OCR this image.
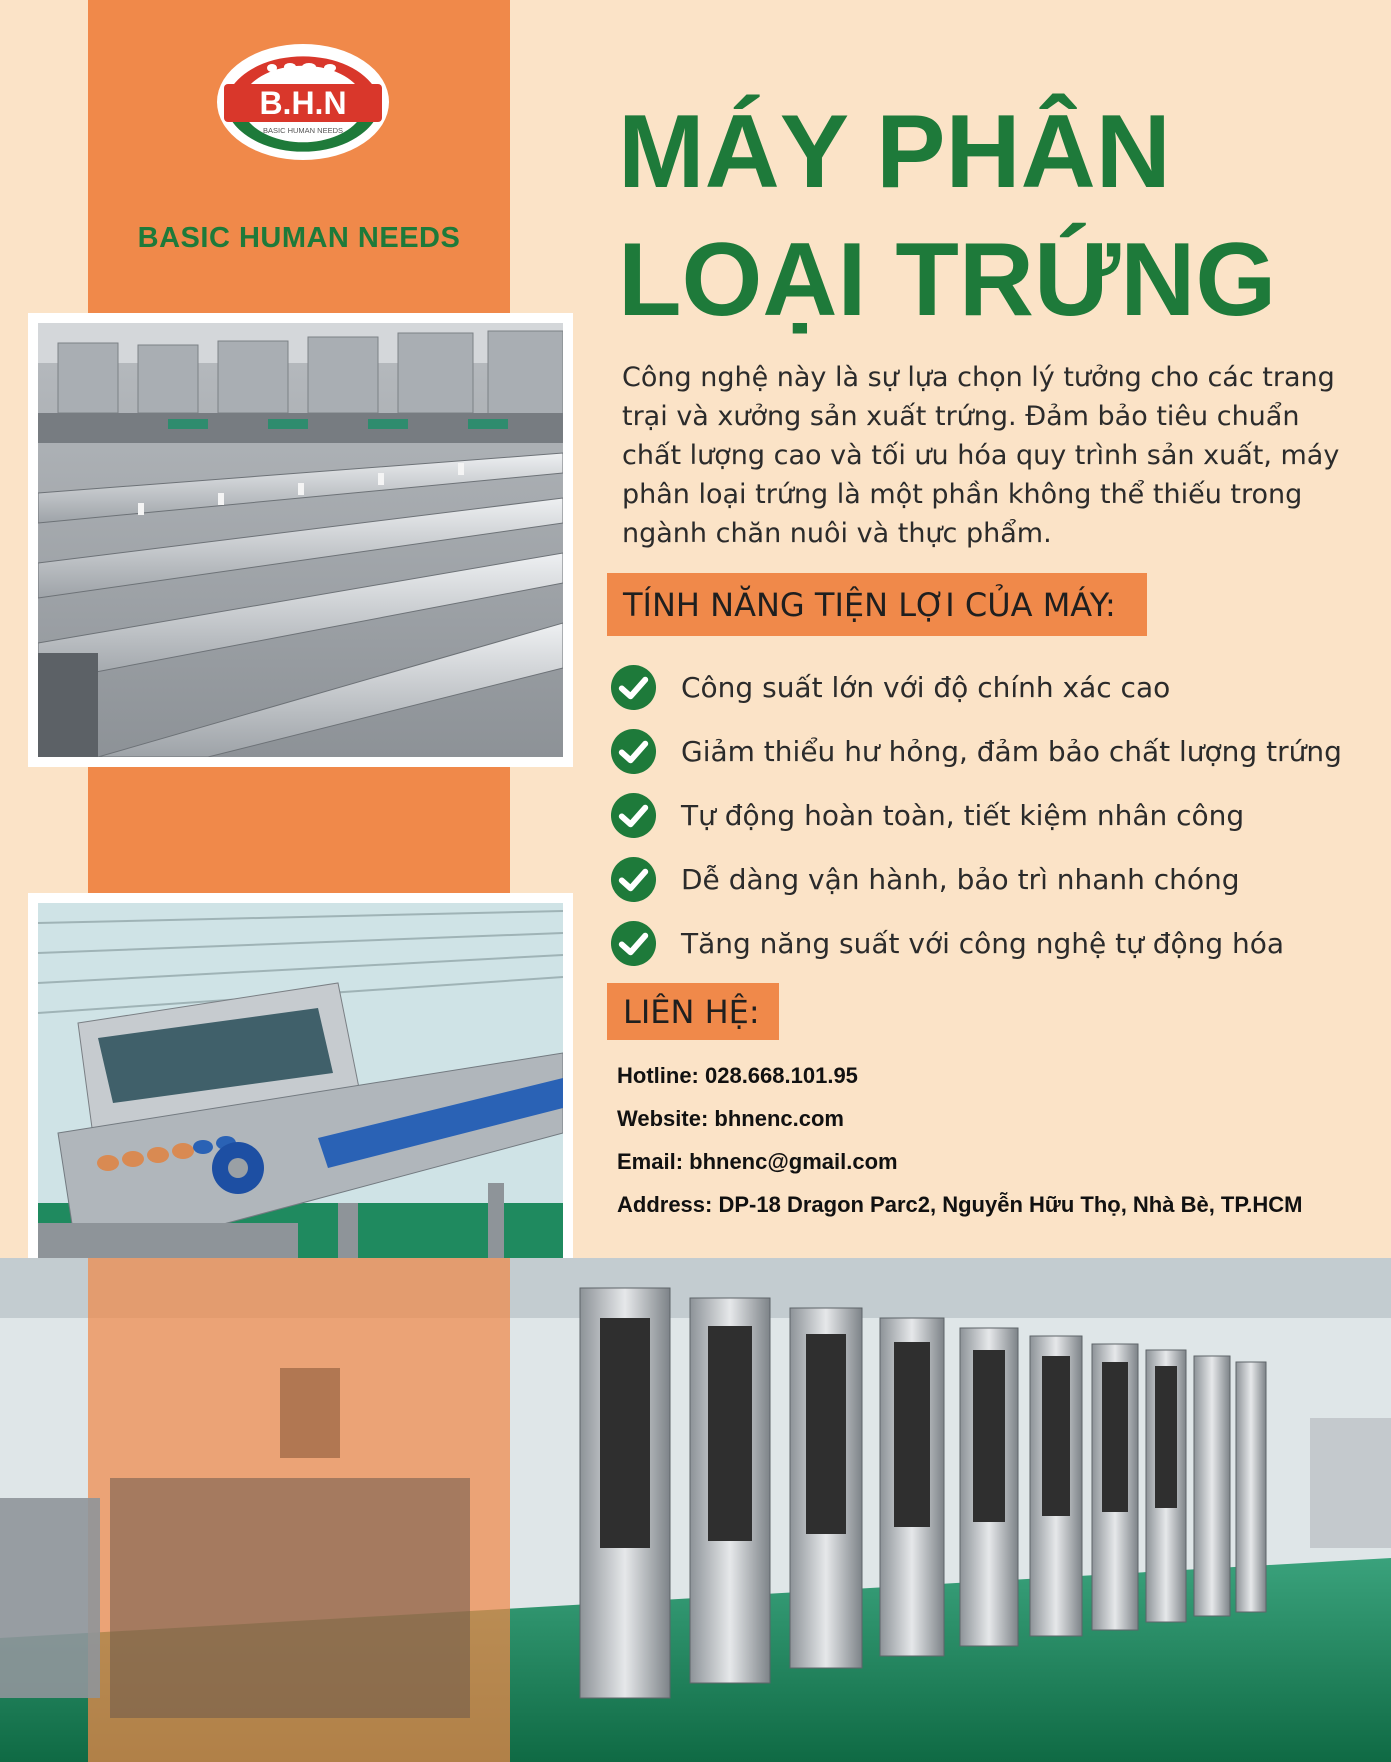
B.H.N
BASIC HUMAN NEEDS
BASIC HUMAN NEEDS
MÁY PHÂN
LOẠI TRỨNG

Công nghệ này là sự lựa chọn lý tưởng cho các trang trại và xưởng sản xuất trứng. Đảm bảo tiêu chuẩn chất lượng cao và tối ưu hóa quy trình sản xuất, máy phân loại trứng là một phần không thể thiếu trong ngành chăn nuôi và thực phẩm.

TÍNH NĂNG TIỆN LỢI CỦA MÁY:
Công suất lớn với độ chính xác cao
Giảm thiểu hư hỏng, đảm bảo chất lượng trứng
Tự động hoàn toàn, tiết kiệm nhân công
Dễ dàng vận hành, bảo trì nhanh chóng
Tăng năng suất với công nghệ tự động hóa
LIÊN HỆ:
Hotline: 028.668.101.95
Website: bhnenc.com
Email: bhnenc@gmail.com
Address: DP-18 Dragon Parc2, Nguyễn Hữu Thọ, Nhà Bè, TP.HCM
